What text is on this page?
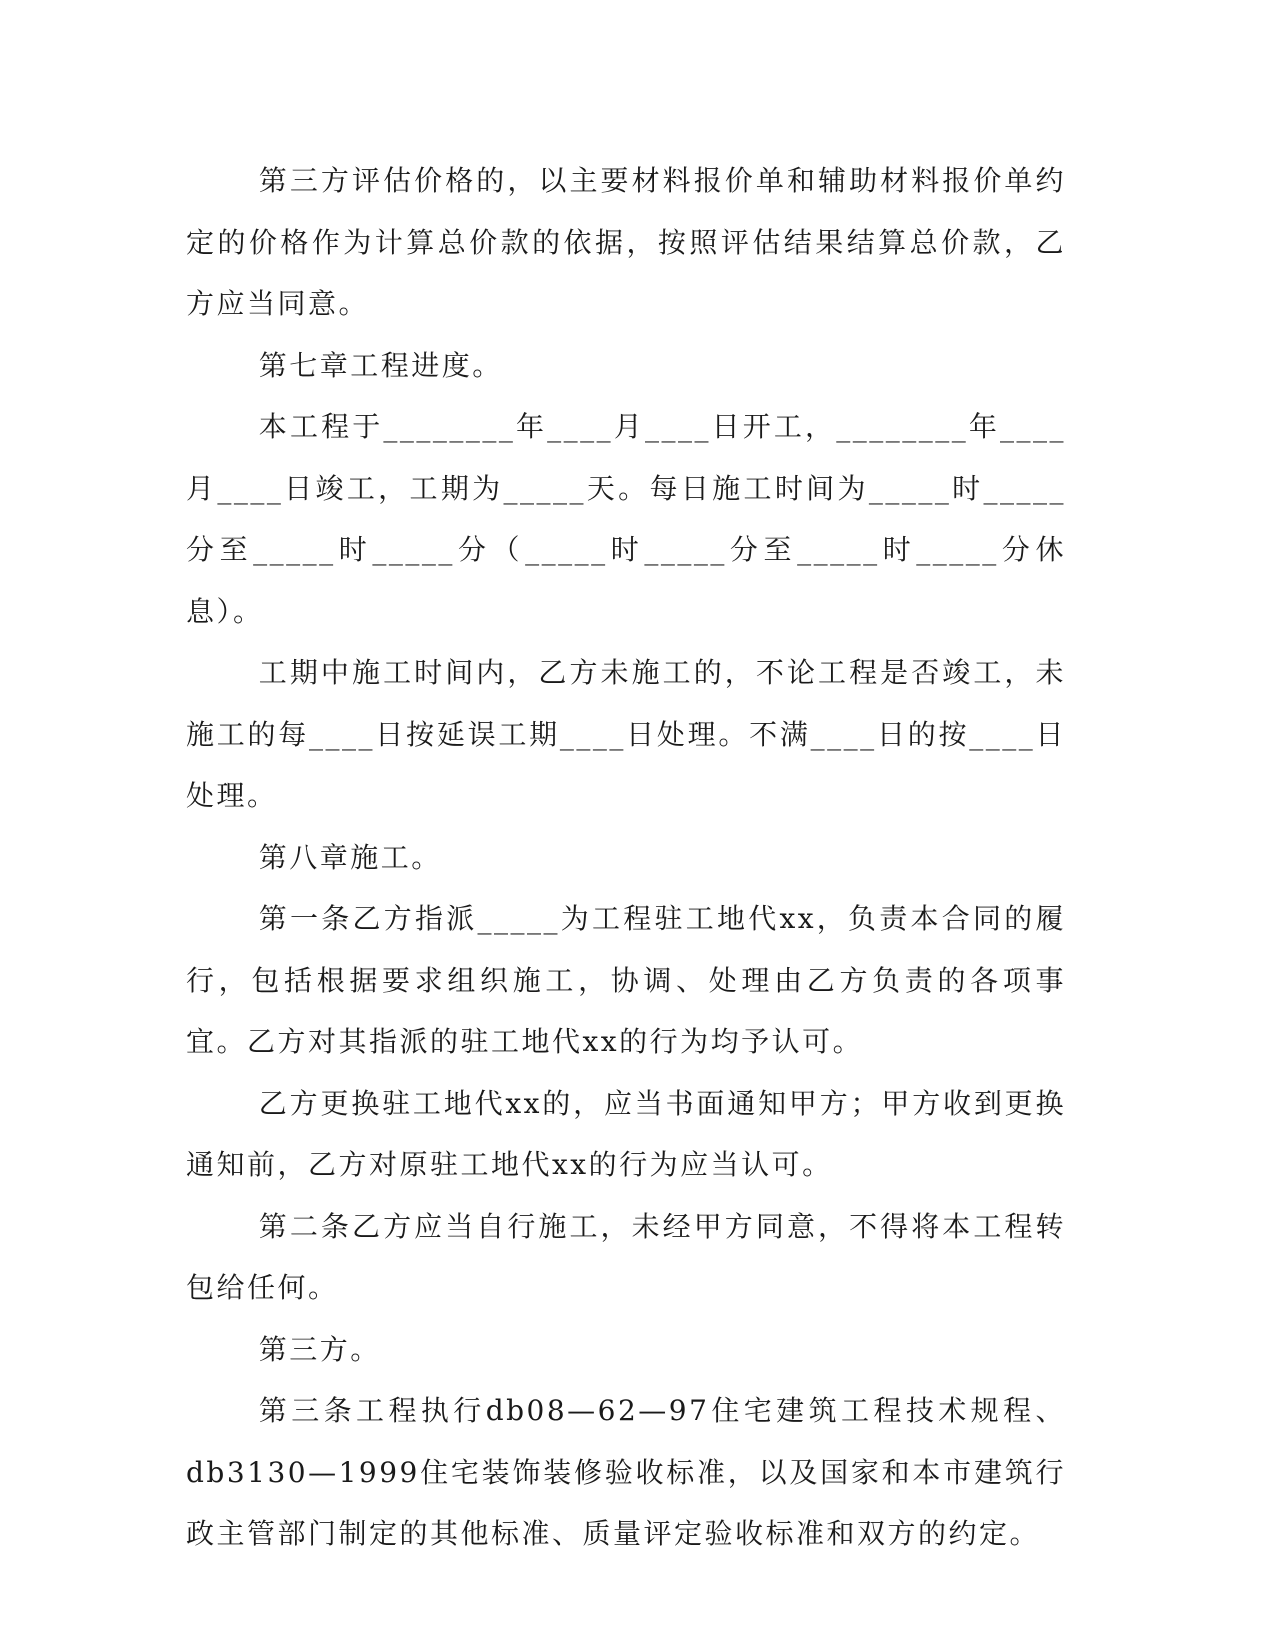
第三方评估价格的，以主要材料报价单和辅助材料报价单约定的价格作为计算总价款的依据，按照评估结果结算总价款，乙方应当同意。

第七章工程进度。

本工程于________年____月____日开工，________年____月____日竣工，工期为_____天。每日施工时间为_____时_____分至_____时_____分（_____时_____分至_____时_____分休息）。

工期中施工时间内，乙方未施工的，不论工程是否竣工，未施工的每____日按延误工期____日处理。不满____日的按____日处理。

第八章施工。

第一条乙方指派_____为工程驻工地代xx，负责本合同的履行，包括根据要求组织施工，协调、处理由乙方负责的各项事宜。乙方对其指派的驻工地代xx的行为均予认可。

乙方更换驻工地代xx的，应当书面通知甲方；甲方收到更换通知前，乙方对原驻工地代xx的行为应当认可。

第二条乙方应当自行施工，未经甲方同意，不得将本工程转包给任何。

第三方。

第三条工程执行db08—62—97住宅建筑工程技术规程、db3130—1999住宅装饰装修验收标准，以及国家和本市建筑行政主管部门制定的其他标准、质量评定验收标准和双方的约定。
